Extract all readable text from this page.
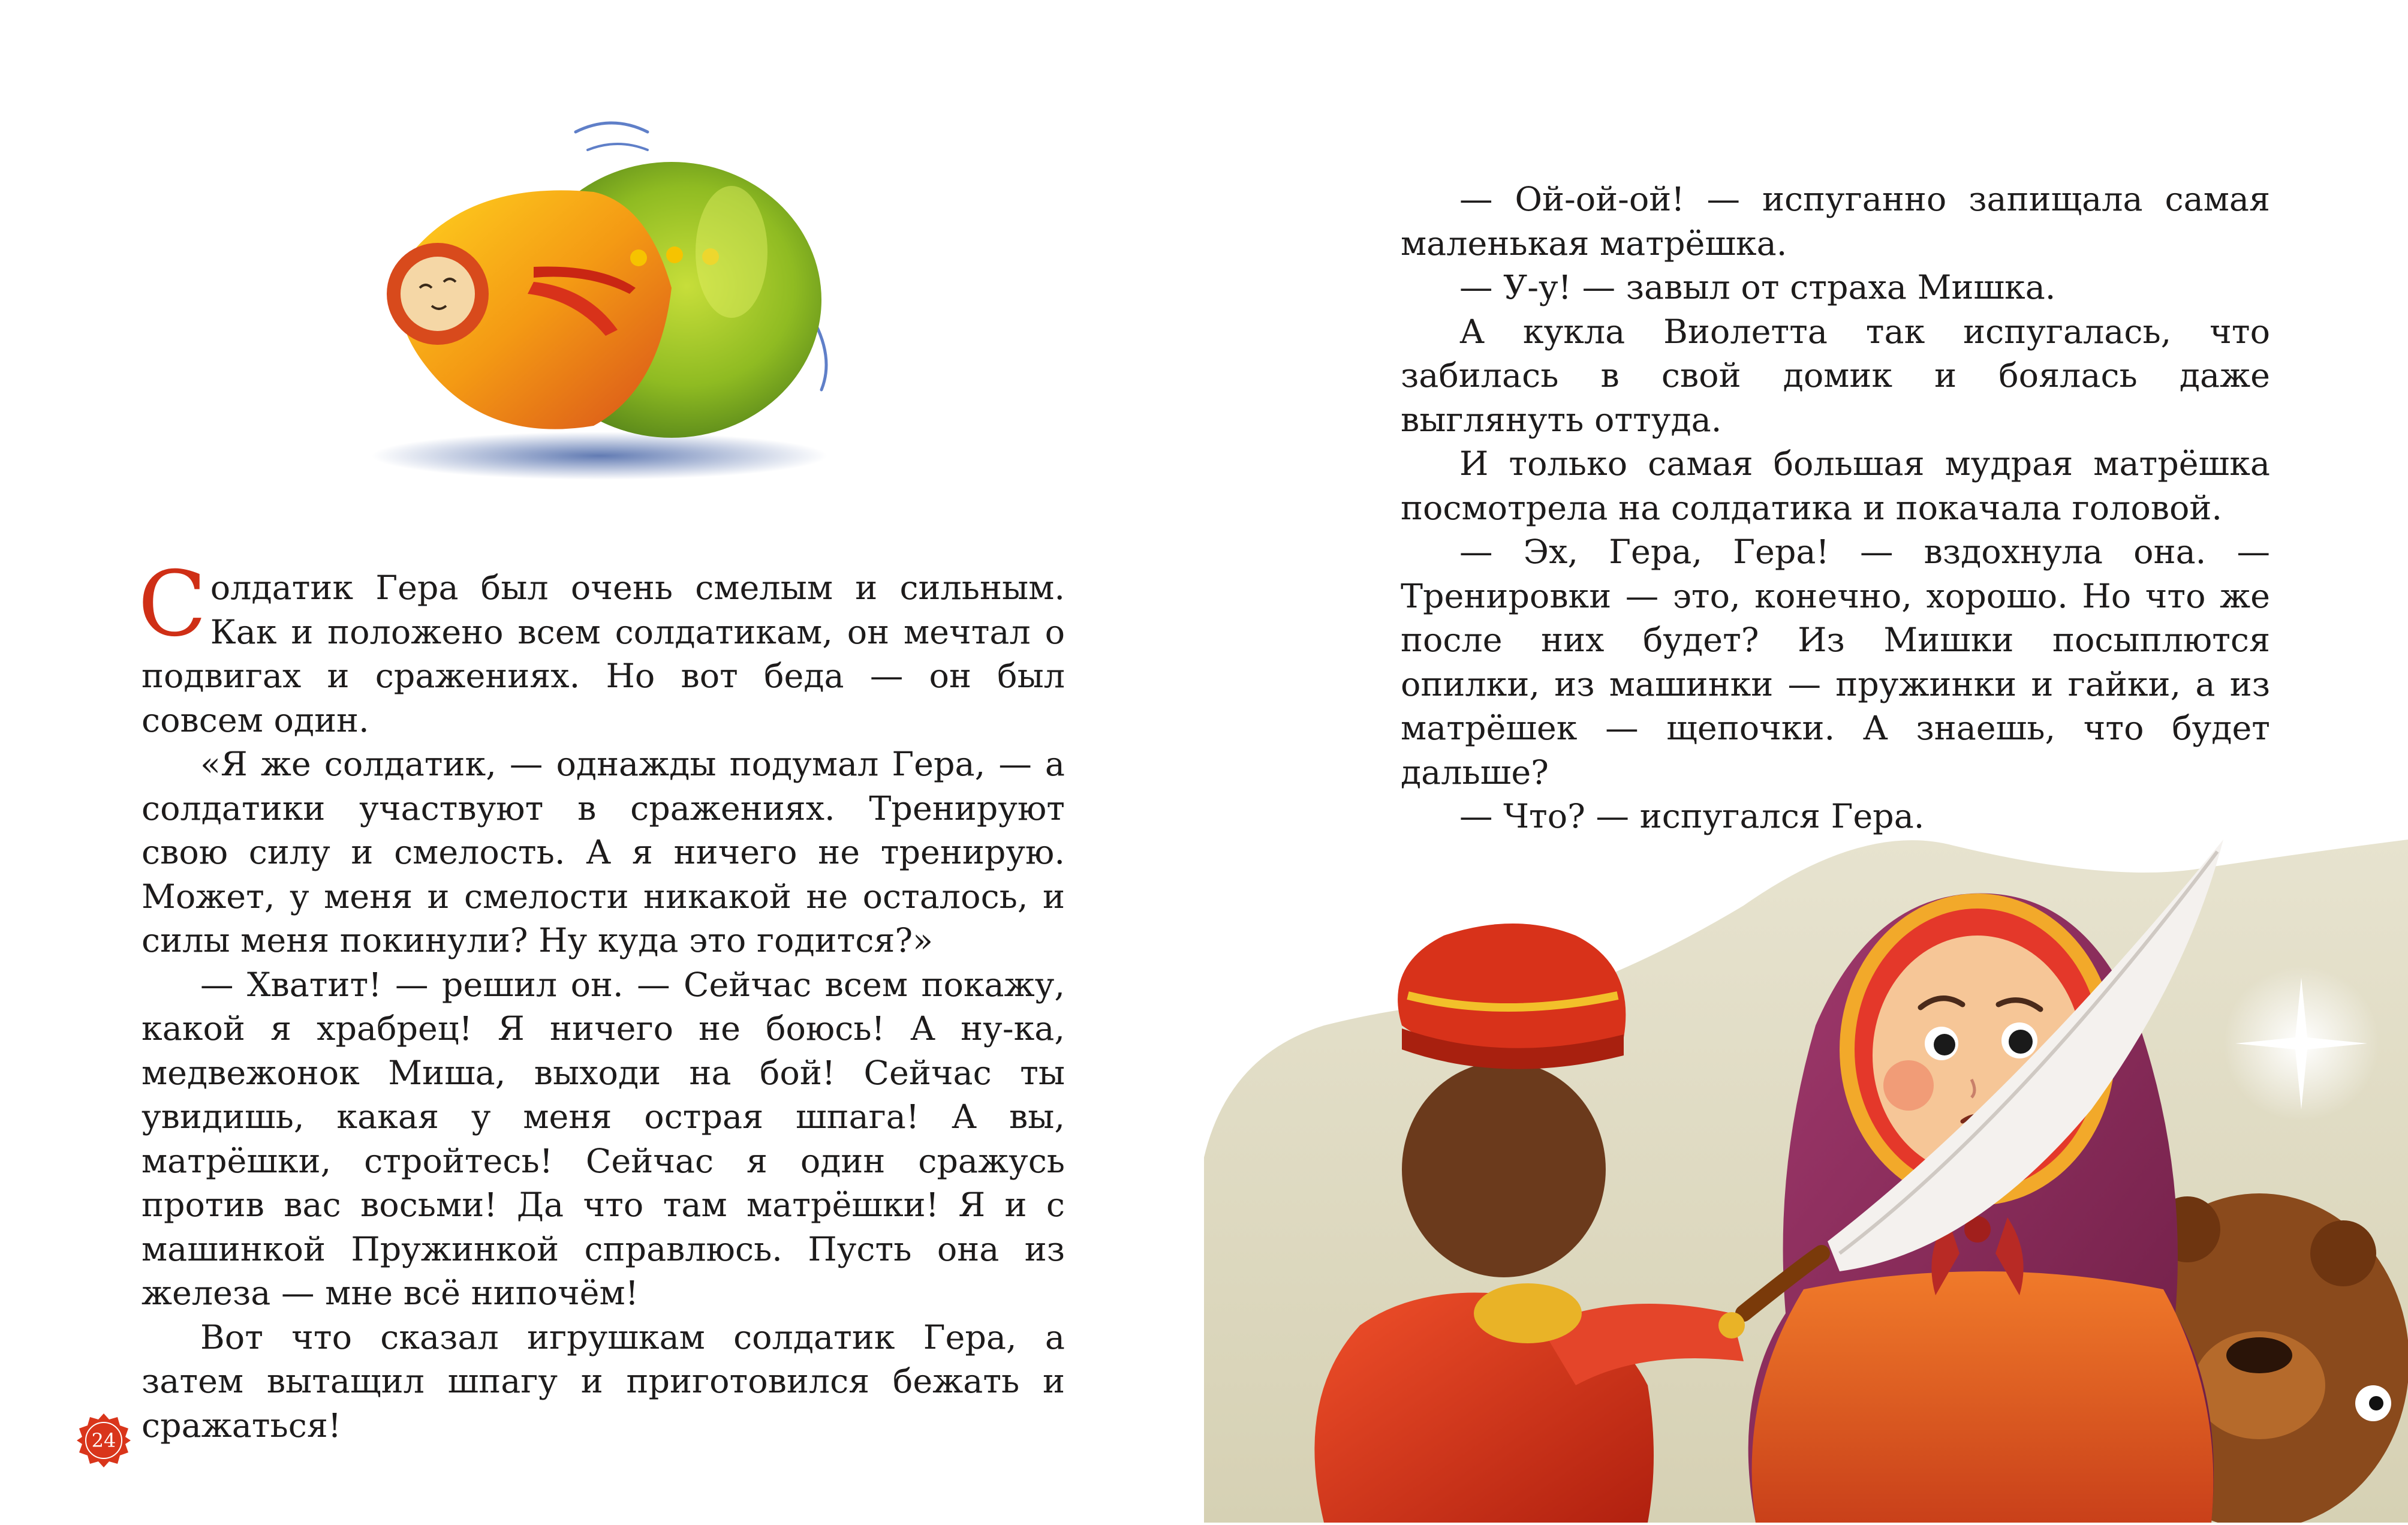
Солдатик Гера был очень смелым и сильным. Как и положено всем солдатикам, он мечтал о подвигах и сражениях. Но вот беда — он был совсем один.

«Я же солдатик, — однажды подумал Гера, — а солдатики участвуют в сражениях. Тренируют свою силу и смелость. А я ничего не тренирую. Может, у меня и смелости никакой не осталось, и силы меня покинули? Ну куда это годится?»

— Хватит! — решил он. — Сейчас всем покажу, какой я храбрец! Я ничего не боюсь! А ну-ка, медвежонок Миша, выходи на бой! Сейчас ты увидишь, какая у меня острая шпага! А вы, матрёшки, стройтесь! Сейчас я один сражусь против вас восьми! Да что там матрёшки! Я и с машинкой Пружинкой справлюсь. Пусть она из железа — мне всё нипочём!

Вот что сказал игрушкам солдатик Гера, а затем вытащил шпагу и приготовился бежать и сражаться!

24

— Ой-ой-ой! — испуганно запищала самая маленькая матрёшка.

— У-у! — завыл от страха Мишка.

А кукла Виолетта так испугалась, что забилась в свой домик и боялась даже выглянуть оттуда.

И только самая большая мудрая матрёшка посмотрела на солдатика и покачала головой.

— Эх, Гера, Гера! — вздохнула она. — Тренировки — это, конечно, хорошо. Но что же после них будет? Из Мишки посыплются опилки, из машинки — пружинки и гайки, а из матрёшек — щепочки. А знаешь, что будет дальше?

— Что? — испугался Гера.
